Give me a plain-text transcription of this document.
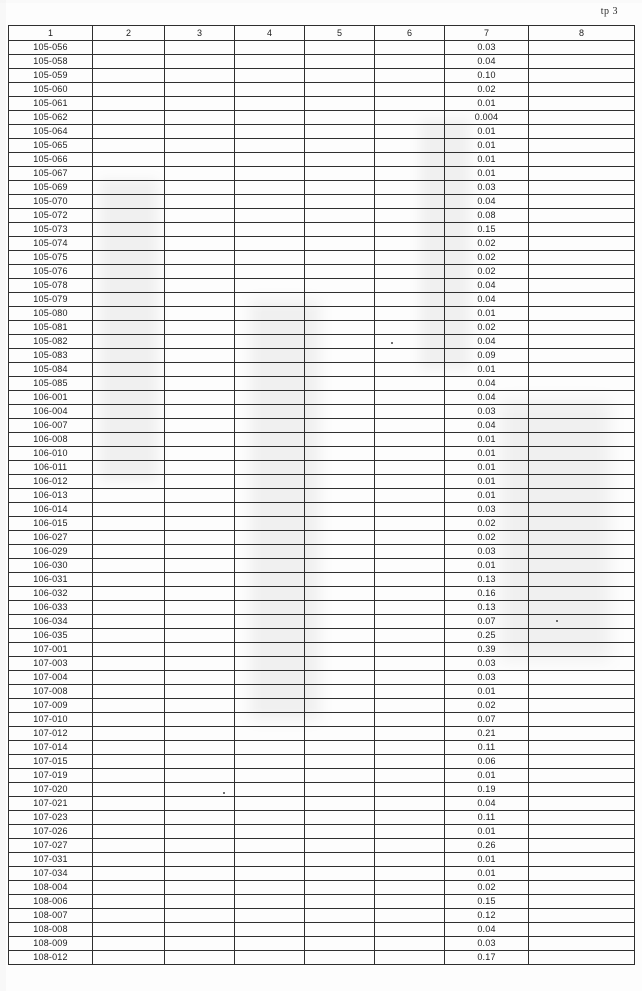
tp 3
1	2	3	4	5	6	7	8
105-056						0.03	
105-058						0.04	
105-059						0.10	
105-060						0.02	
105-061						0.01	
105-062						0.004	
105-064						0.01	
105-065						0.01	
105-066						0.01	
105-067						0.01	
105-069						0.03	
105-070						0.04	
105-072						0.08	
105-073						0.15	
105-074						0.02	
105-075						0.02	
105-076						0.02	
105-078						0.04	
105-079						0.04	
105-080						0.01	
105-081						0.02	
105-082						0.04	
105-083						0.09	
105-084						0.01	
105-085						0.04	
106-001						0.04	
106-004						0.03	
106-007						0.04	
106-008						0.01	
106-010						0.01	
106-011						0.01	
106-012						0.01	
106-013						0.01	
106-014						0.03	
106-015						0.02	
106-027						0.02	
106-029						0.03	
106-030						0.01	
106-031						0.13	
106-032						0.16	
106-033						0.13	
106-034						0.07	
106-035						0.25	
107-001						0.39	
107-003						0.03	
107-004						0.03	
107-008						0.01	
107-009						0.02	
107-010						0.07	
107-012						0.21	
107-014						0.11	
107-015						0.06	
107-019						0.01	
107-020						0.19	
107-021						0.04	
107-023						0.11	
107-026						0.01	
107-027						0.26	
107-031						0.01	
107-034						0.01	
108-004						0.02	
108-006						0.15	
108-007						0.12	
108-008						0.04	
108-009						0.03	
108-012						0.17	
